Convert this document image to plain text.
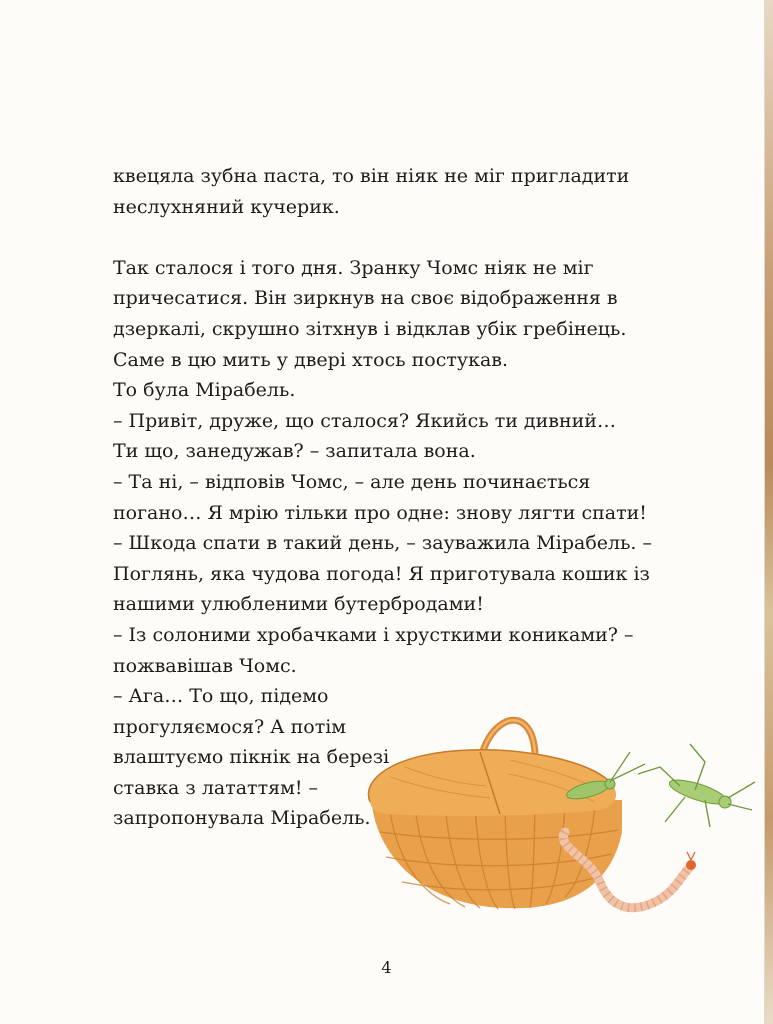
квецяла зубна паста, то він ніяк не міг пригладити

неслухняний кучерик.

Так сталося і того дня. Зранку Чомс ніяк не міг

причесатися. Він зиркнув на своє відображення в

дзеркалі, скрушно зітхнув і відклав убік гребінець.

Саме в цю мить у двері хтось постукав.

То була Мірабель.

– Привіт, друже, що сталося? Якийсь ти дивний…

Ти що, занедужав? – запитала вона.

– Та ні, – відповів Чомс, – але день починається

погано… Я мрію тільки про одне: знову лягти спати!

– Шкода спати в такий день, – зауважила Мірабель. –

Поглянь, яка чудова погода! Я приготувала кошик із

нашими улюбленими бутербродами!

– Із солоними хробачками і хрусткими кониками? –

пожвавішав Чомс.

– Ага… То що, підемо

прогуляємося? А потім

влаштуємо пікнік на березі

ставка з лататтям! –

запропонувала Мірабель.

4
